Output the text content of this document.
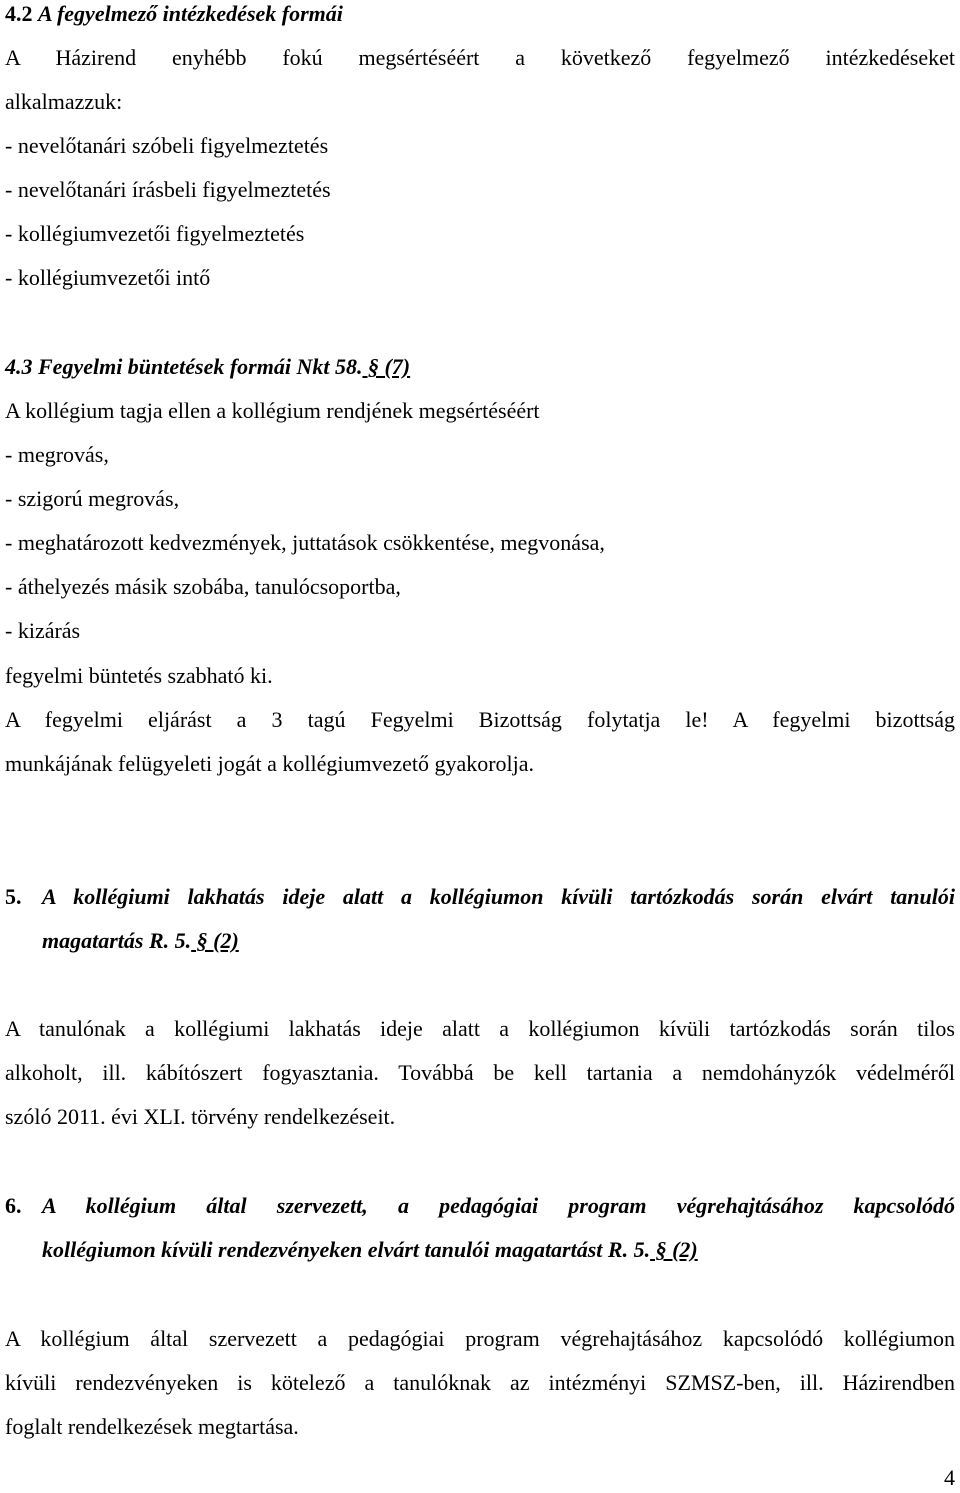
4.2 A fegyelmező intézkedések formái
A Házirend enyhébb fokú megsértéséért a következő fegyelmező intézkedéseket
alkalmazzuk:
- nevelőtanári szóbeli figyelmeztetés
- nevelőtanári írásbeli figyelmeztetés
- kollégiumvezetői figyelmeztetés
- kollégiumvezetői intő
4.3 Fegyelmi büntetések formái Nkt 58. § (7)
A kollégium tagja ellen a kollégium rendjének megsértéséért
- megrovás,
- szigorú megrovás,
- meghatározott kedvezmények, juttatások csökkentése, megvonása,
- áthelyezés másik szobába, tanulócsoportba,
- kizárás
fegyelmi büntetés szabható ki.
A fegyelmi eljárást a 3 tagú Fegyelmi Bizottság folytatja le! A fegyelmi bizottság
munkájának felügyeleti jogát a kollégiumvezető gyakorolja.
5. A kollégiumi lakhatás ideje alatt a kollégiumon kívüli tartózkodás során elvárt tanulói
magatartás R. 5. § (2)
A tanulónak a kollégiumi lakhatás ideje alatt a kollégiumon kívüli tartózkodás során tilos
alkoholt, ill. kábítószert fogyasztania. Továbbá be kell tartania a nemdohányzók védelméről
szóló 2011. évi XLI. törvény rendelkezéseit.
6. A kollégium által szervezett, a pedagógiai program végrehajtásához kapcsolódó
kollégiumon kívüli rendezvényeken elvárt tanulói magatartást R. 5. § (2)
A kollégium által szervezett a pedagógiai program végrehajtásához kapcsolódó kollégiumon
kívüli rendezvényeken is kötelező a tanulóknak az intézményi SZMSZ-ben, ill. Házirendben
foglalt rendelkezések megtartása.
4
